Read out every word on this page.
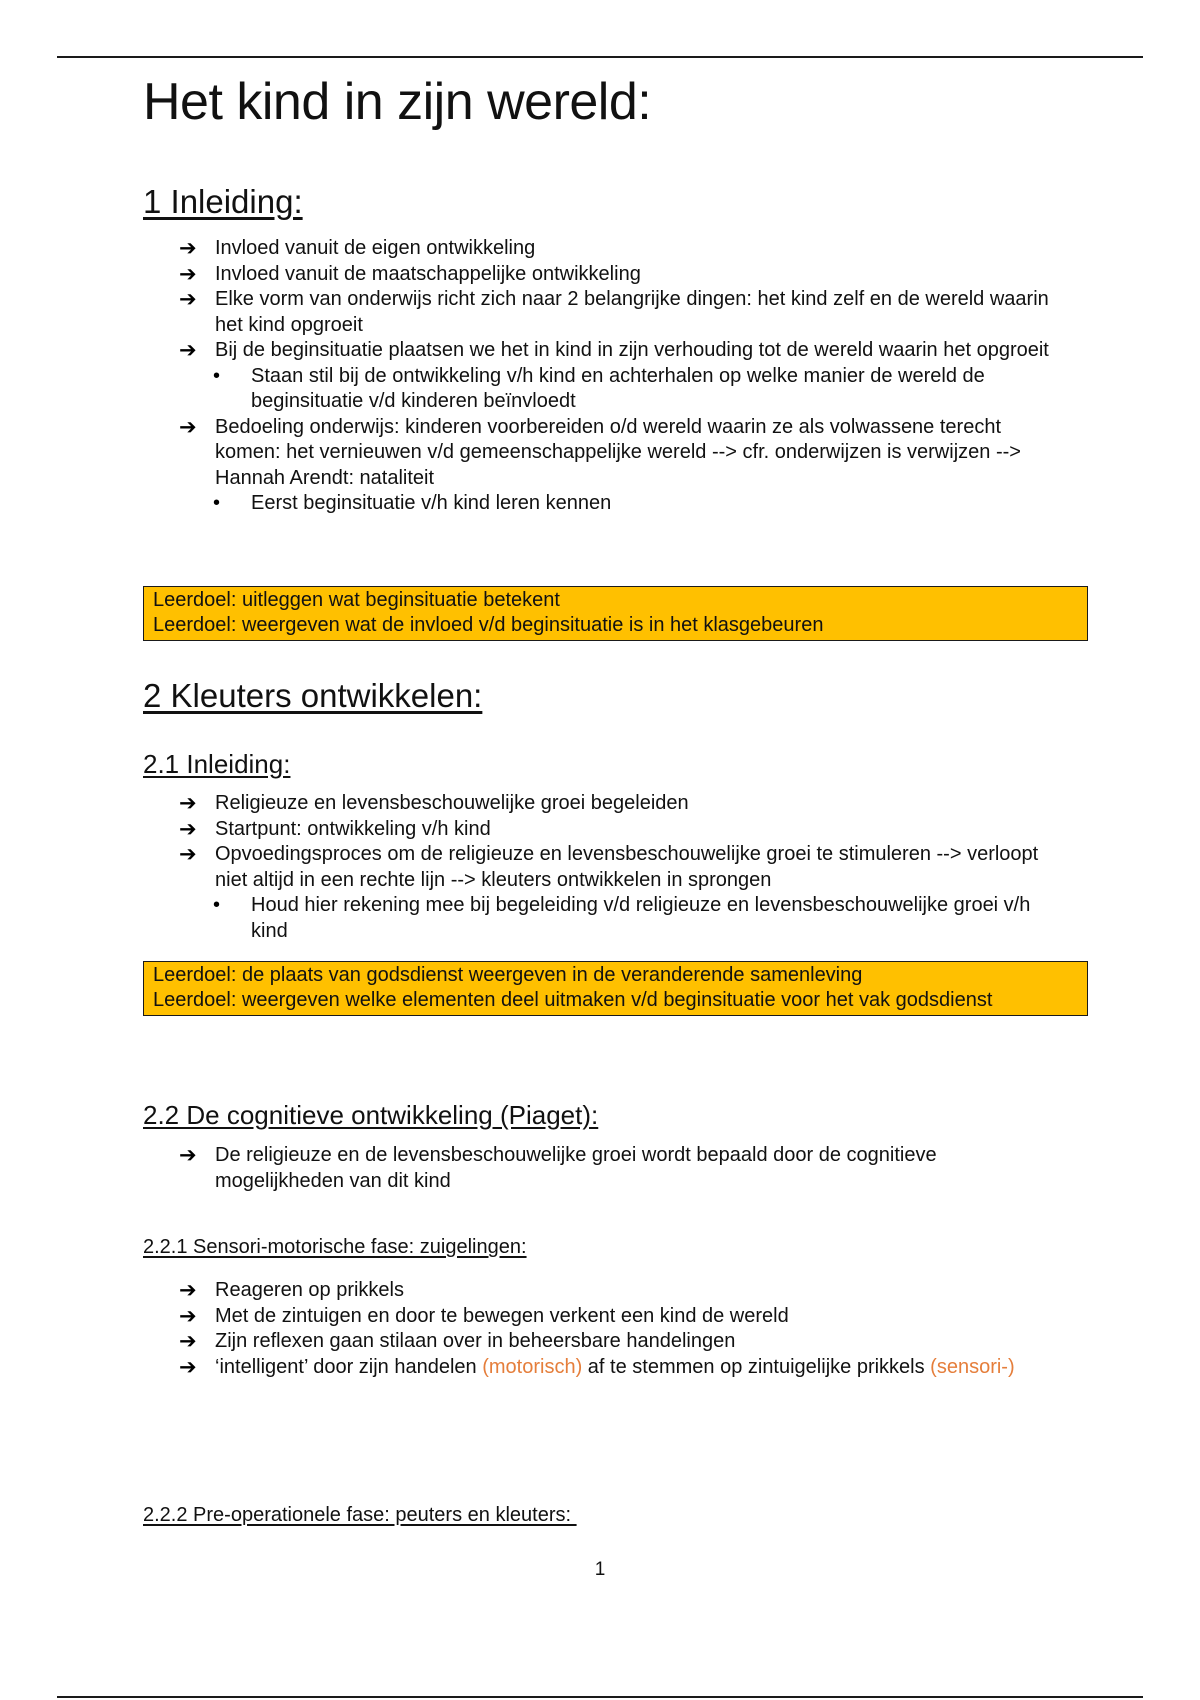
Het kind in zijn wereld:
1 Inleiding:
➔ Invloed vanuit de eigen ontwikkeling
➔ Invloed vanuit de maatschappelijke ontwikkeling
➔ Elke vorm van onderwijs richt zich naar 2 belangrijke dingen: het kind zelf en de wereld waarin het kind opgroeit
➔ Bij de beginsituatie plaatsen we het in kind in zijn verhouding tot de wereld waarin het opgroeit
• Staan stil bij de ontwikkeling v/h kind en achterhalen op welke manier de wereld de beginsituatie v/d kinderen beïnvloedt
➔ Bedoeling onderwijs: kinderen voorbereiden o/d wereld waarin ze als volwassene terecht komen: het vernieuwen v/d gemeenschappelijke wereld --> cfr. onderwijzen is verwijzen --> Hannah Arendt: nataliteit
• Eerst beginsituatie v/h kind leren kennen
Leerdoel: uitleggen wat beginsituatie betekent
Leerdoel: weergeven wat de invloed v/d beginsituatie is in het klasgebeuren
2 Kleuters ontwikkelen:
2.1 Inleiding:
➔ Religieuze en levensbeschouwelijke groei begeleiden
➔ Startpunt: ontwikkeling v/h kind
➔ Opvoedingsproces om de religieuze en levensbeschouwelijke groei te stimuleren --> verloopt niet altijd in een rechte lijn --> kleuters ontwikkelen in sprongen
• Houd hier rekening mee bij begeleiding v/d religieuze en levensbeschouwelijke groei v/h kind
Leerdoel: de plaats van godsdienst weergeven in de veranderende samenleving
Leerdoel: weergeven welke elementen deel uitmaken v/d beginsituatie voor het vak godsdienst
2.2 De cognitieve ontwikkeling (Piaget):
➔ De religieuze en de levensbeschouwelijke groei wordt bepaald door de cognitieve mogelijkheden van dit kind
2.2.1 Sensori-motorische fase: zuigelingen:
➔ Reageren op prikkels
➔ Met de zintuigen en door te bewegen verkent een kind de wereld
➔ Zijn reflexen gaan stilaan over in beheersbare handelingen
➔ ‘intelligent’ door zijn handelen (motorisch) af te stemmen op zintuigelijke prikkels (sensori-)
2.2.2 Pre-operationele fase: peuters en kleuters:
1
